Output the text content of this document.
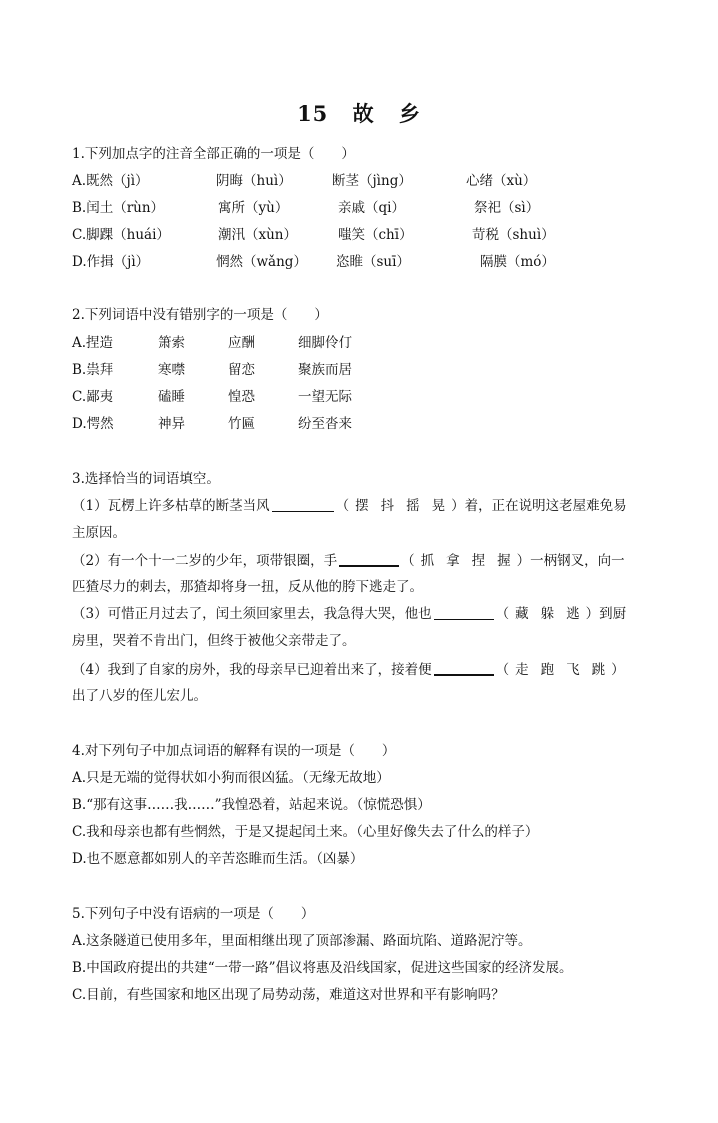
15 故 乡
1.下列加点字的注音全部正确的一项是（　　）
A.既然（jì）	阴晦（huì）	断茎（jìng）	心绪（xù）
B.闰土（rùn）	寓所（yù）	亲戚（qi）	祭祀（sì）
C.脚踝（huái）	潮汛（xùn）	嗤笑（chī）	苛税（shuì）
D.作揖（jì）	惘然（wǎng） 恣睢（suī）	隔膜（mó）
2.下列词语中没有错别字的一项是（　　）
A.捏造	箫索	应酬	细脚伶仃
B.祟拜	寒噤	留恋	聚族而居
C.鄙夷	磕睡	惶恐	一望无际
D.愕然	神异	竹匾	纷至沓来
3.选择恰当的词语填空。
（1）瓦楞上许多枯草的断茎当风	（ 摆 抖 摇 晃 ）着，正在说明这老屋难免易
主原因。
（2）有一个十一二岁的少年，项带银圈，手	（ 抓 拿 捏 握 ）一柄钢叉，向一
匹猹尽力的刺去，那猹却将身一扭，反从他的胯下逃走了。
（3）可惜正月过去了，闰土须回家里去，我急得大哭，他也	（ 藏 躲 逃 ）到厨
房里，哭着不肯出门，但终于被他父亲带走了。
（4）我到了自家的房外，我的母亲早已迎着出来了，接着便	（ 走 跑 飞 跳 ）
出了八岁的侄儿宏儿。
4.对下列句子中加点词语的解释有误的一项是（　　）
A.只是无端的觉得状如小狗而很凶猛。（无缘无故地）
B.“那有这事……我……”我惶恐着，站起来说。（惊慌恐惧）
C.我和母亲也都有些惘然，于是又提起闰土来。（心里好像失去了什么的样子）
D.也不愿意都如别人的辛苦恣睢而生活。（凶暴）
5.下列句子中没有语病的一项是（　　）
A.这条隧道已使用多年，里面相继出现了顶部渗漏、路面坑陷、道路泥泞等。
B.中国政府提出的共建“一带一路”倡议将惠及沿线国家，促进这些国家的经济发展。
C.目前，有些国家和地区出现了局势动荡，难道这对世界和平有影响吗？
